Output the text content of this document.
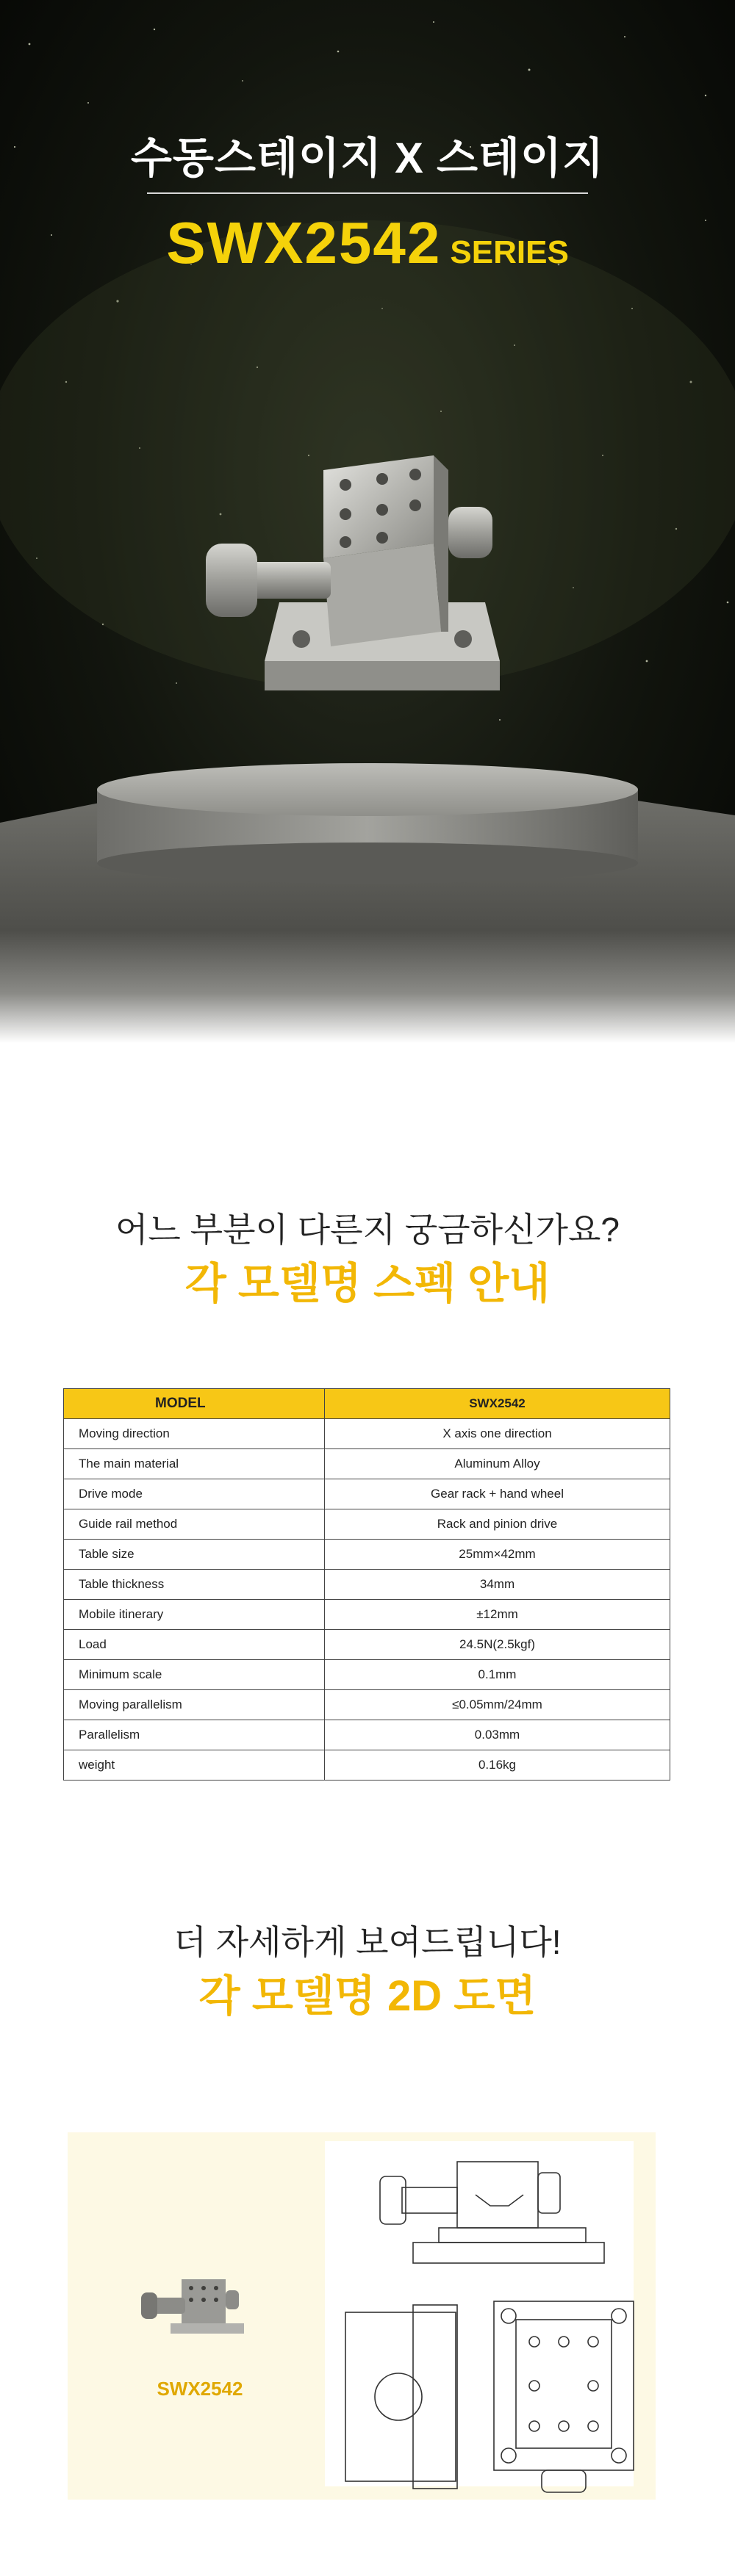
수동스테이지 X 스테이지
SWX2542 SERIES
어느 부분이 다른지 궁금하신가요?
각 모델명 스펙 안내
MODEL	SWX2542
Moving direction	X axis one direction
The main material	Aluminum Alloy
Drive mode	Gear rack + hand wheel
Guide rail method	Rack and pinion drive
Table size	25mm×42mm
Table thickness	34mm
Mobile itinerary	±12mm
Load	24.5N(2.5kgf)
Minimum scale	0.1mm
Moving parallelism	≤0.05mm/24mm
Parallelism	0.03mm
weight	0.16kg
더 자세하게 보여드립니다!
각 모델명 2D 도면
SWX2542
